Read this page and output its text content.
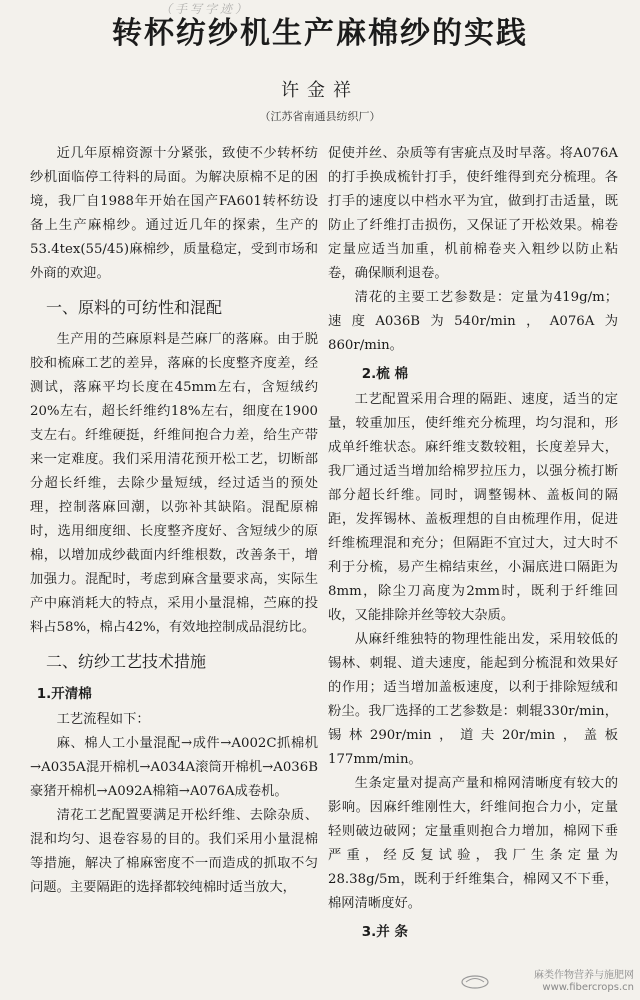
（手写字迹）
转杯纺纱机生产麻棉纱的实践
许金祥
（江苏省南通县纺织厂）

近几年原棉资源十分紧张，致使不少转杯纺纱机面临停工待料的局面。为解决原棉不足的困境，我厂自1988年开始在国产FA601转杯纺设备上生产麻棉纱。通过近几年的探索，生产的53.4tex(55/45)麻棉纱，质量稳定，受到市场和外商的欢迎。

一、原料的可纺性和混配

生产用的苎麻原料是苎麻厂的落麻。由于脱胶和梳麻工艺的差异，落麻的长度整齐度差，经测试，落麻平均长度在45mm左右，含短绒约20%左右，超长纤维约18%左右，细度在1900支左右。纤维硬挺，纤维间抱合力差，给生产带来一定难度。我们采用清花预开松工艺，切断部分超长纤维，去除少量短绒，经过适当的预处理，控制落麻回潮，以弥补其缺陷。混配原棉时，选用细度细、长度整齐度好、含短绒少的原棉，以增加成纱截面内纤维根数，改善条干，增加强力。混配时，考虑到麻含量要求高，实际生产中麻消耗大的特点，采用小量混棉，苎麻的投料占58%，棉占42%，有效地控制成品混纺比。

二、纺纱工艺技术措施
1.开清棉

工艺流程如下：

麻、棉人工小量混配→成件→A002C抓棉机→A035A混开棉机→A034A滚筒开棉机→A036B豪猪开棉机→A092A棉箱→A076A成卷机。

清花工艺配置要满足开松纤维、去除杂质、混和均匀、退卷容易的目的。我们采用小量混棉等措施，解决了棉麻密度不一而造成的抓取不匀问题。主要隔距的选择都较纯棉时适当放大，

促使并丝、杂质等有害疵点及时早落。将A076A的打手换成梳针打手，使纤维得到充分梳理。各打手的速度以中档水平为宜，做到打击适量，既防止了纤维打击损伤，又保证了开松效果。棉卷定量应适当加重，机前棉卷夹入粗纱以防止粘卷，确保顺利退卷。

清花的主要工艺参数是：定量为419g/m；速度A036B为540r/min，A076A为860r/min。

2.梳 棉

工艺配置采用合理的隔距、速度，适当的定量，较重加压，使纤维充分梳理，均匀混和，形成单纤维状态。麻纤维支数较粗，长度差异大，我厂通过适当增加给棉罗拉压力，以强分梳打断部分超长纤维。同时，调整锡林、盖板间的隔距，发挥锡林、盖板理想的自由梳理作用，促进纤维梳理混和充分；但隔距不宜过大，过大时不利于分梳，易产生棉结束丝，小漏底进口隔距为8mm，除尘刀高度为2mm时，既利于纤维回收，又能排除并丝等较大杂质。

从麻纤维独特的物理性能出发，采用较低的锡林、刺辊、道夫速度，能起到分梳混和效果好的作用；适当增加盖板速度，以利于排除短绒和粉尘。我厂选择的工艺参数是：刺辊330r/min，锡林290r/min，道夫20r/min，盖板177mm/min。

生条定量对提高产量和棉网清晰度有较大的影响。因麻纤维刚性大，纤维间抱合力小，定量轻则破边破网；定量重则抱合力增加，棉网下垂严重，经反复试验，我厂生条定量为28.38g/5m，既利于纤维集合，棉网又不下垂，棉网清晰度好。

3.并 条
麻类作物营养与施肥网
www.fibercrops.cn
